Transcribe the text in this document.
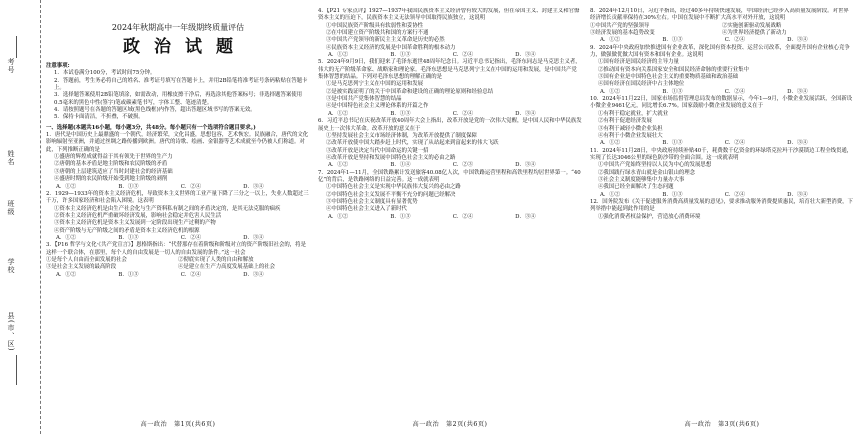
考号
姓名
班级
学校
县(市、区)
2024年秋期高中一年级期终质量评估
政治试题

注意事项:

1．本试卷满分100分，考试时间75分钟。

2．答题前，考生务必将自己的姓名、准考证号填写在答题卡上，并用2B铅笔将准考证号条码粘贴在答题卡上。

3．选择题答案使用2B铅笔填涂，如需改动，用橡皮擦干净后，再选涂其他答案标号；非选择题答案使用0.5毫米的黑色中性(签字)笔或碳素笔书写，字体工整、笔迹清楚。

4．请按照题号在各题的答题区域(黑色线框)内作答，超出答题区域书写的答案无效。

5．保持卡面清洁，不折叠，不破损。

一、选择题(本题共16小题，每小题3分，共48分。每小题只有一个选项符合题目要求。)

1．唐代是中国历史上最鼎盛的一个朝代，经济繁荣，文化昌盛，思想包容，艺术恢宏。民族融合，唐代的文化影响辐射至亚洲，并通过丝绸之路传播到欧洲。唐代的诗歌、绘画、金银器等艺术成就至今仍被人们称道。对此，下列推断正确的是

①盛唐的辉煌成就得益于其有领先于世界的生产力

②唐朝的基本矛盾是地主阶级和农民阶级的矛盾

③唐朝的上层建筑适应了当时封建社会的经济基础

④盛唐时期的农民阶级开始受到地主阶级的剥削

A．①②	B．①③	C．②④	D．③④

2．1929—1933年的资本主义经济危机，导致资本主义世界的工业产量下降了三分之一以上，失业人数超过三千万，许多国家经济和社会陷入困境。这表明

①资本主义经济危机是由生产社会化与生产资料私有制之间的矛盾决定的，是其无法克服的痼疾

②资本主义经济危机严重破坏经济发展，影响社会稳定并危害人民生活

③资本主义经济危机是资本主义发展到一定阶段出现生产过剩的产物

④资产阶级与无产阶级之间的矛盾是资本主义经济危机的根源

A．①②	B．①③	C．②④	D．③④

3．【P16 哲学与文化·《共产党宣言》】恩格斯指出：“代替那存在着阶级和阶级对立的资产阶级旧社会的，将是这样一个联合体，在那里，每个人的自由发展是一切人的自由发展的条件。”这一社会

①是每个人自由而全面发展的社会	②彻底实现了人类的自由和解放
③是社会主义发展的最高阶段	④是建立在生产力高度发展基础上的社会
A．①②	B．①③	C．②④	D．③④

4．【P21 专家点评】1927—1937年我国民族资本主义经济曾有较大的发展，但在帝国主义、封建主义和官僚资本主义的压迫下，民族资本主义无法领导中国取得民族独立，这说明

①中国民族资产阶级具有软弱性和妥协性

②在中国建立资产阶级共和国的方案行不通

③中国共产党领导的新民主主义革命是历史的必然

④民族资本主义经济的发展是中国革命胜利的根本动力

A．①②	B．①③	C．②④	D．③④

5．2024年9月9日，我们迎来了毛泽东逝世48周年纪念日。习近平总书记指出，毛泽东同志是马克思主义者，伟大的无产阶级革命家、战略家和理论家。毛泽东思想是马克思列宁主义在中国的运用和发展，是中国共产党集体智慧的结晶。下列对毛泽东思想的理解正确的是

①是马克思列宁主义在中国的运用和发展

②是被实践证明了的关于中国革命和建设的正确的理论原则和经验总结

③是中国共产党集体智慧的结晶

④是中国特色社会主义理论体系的开篇之作

A．①②	B．①③	C．②④	D．③④

6．习近平总书记在庆祝改革开放40周年大会上指出，改革开放是党的一次伟大觉醒，是中国人民和中华民族发展史上一次伟大革命。改革开放的意义在于

①坚持发展社会主义市场经济体制，为改革开放提供了制度保障

②改革开放使中国大踏步赶上时代，实现了从站起来到富起来的伟大飞跃

③改革开放是决定当代中国命运的关键一招

④改革开放是坚持和发展中国特色社会主义的必由之路

A．①②	B．①④	C．②③	D．③④

7．2024年1—11月，全国铁路累计发送旅客40.08亿人次，中国铁路运营里程和高铁里程均居世界第一。“40亿”的背后，是铁路网络的日益完善。这一成就表明

①中国特色社会主义是实现中华民族伟大复兴的必由之路

②中国特色社会主义发展不平衡不充分的问题已经解决

③中国特色社会主义制度具有显著优势

④中国特色社会主义进入了新时代

A．①②	B．①③	C．②④	D．③④

8．2024年12月10日，习近平指出，经过40多年持续快速发展，中国经济已经步入高质量发展阶段。对世界经济增长贡献率保持在30%左右。中国在发展中不断扩大高水平对外开放，这说明

①中国共产党的坚强领导	②实施创新驱动发展战略
③经济发展的基本趋势改变	④为世界经济提供了新动力
A．①②	B．①③	C．②④	D．③④

9．2024年中央政府加快推进国有企业改革，深化国有资本投资、运营公司改革，全面提升国有企业核心竞争力，做强做优做大国有资本和国有企业。这说明

①国有经济是国民经济的主导力量

②推动国有资本向关系国家安全和国民经济命脉的重要行业集中

③国有企业是中国特色社会主义的重要物质基础和政治基础

④国有经济在国民经济中占主体地位

A．①②	B．①③	C．②④	D．③④

10．2024年11月22日，国家市场监督管理总局发布的数据显示，今年1—9月，小微企业发展活跃，全国新设小微企业9461亿元，同比增长6.7%。国家鼓励小微企业发展的意义在于

①有利于稳定就业，扩大就业

②有利于促进经济发展

③有利于减轻小微企业负担

④有利于小微企业发展壮大

A．①②	B．①③	C．②④	D．③④

11．2024年11月28日，中央政府持续补贴40千，耗费数千亿资金的环绿塔克拉玛干沙漠锁边工程全线贯通，实现了长达3046公里的绿色防沙带的全面合围。这一成就表明

①中国共产党始终坚持以人民为中心的发展思想

②我国践行绿水青山就是金山银山的理念

③社会主义制度能够集中力量办大事

④我国已经全面解决了生态问题

A．①②	B．①③	C．②④	D．③④

12．国务院发布《关于促进服务消费高质量发展的意见》，要求推动服务消费提质惠民，培育壮大新型消费，下列举措中能起到此作用的是

①强化消费者权益保护，营造放心消费环境

高一政治　第1页(共6页)	高一政治　第2页(共6页)	高一政治　第3页(共6页)
